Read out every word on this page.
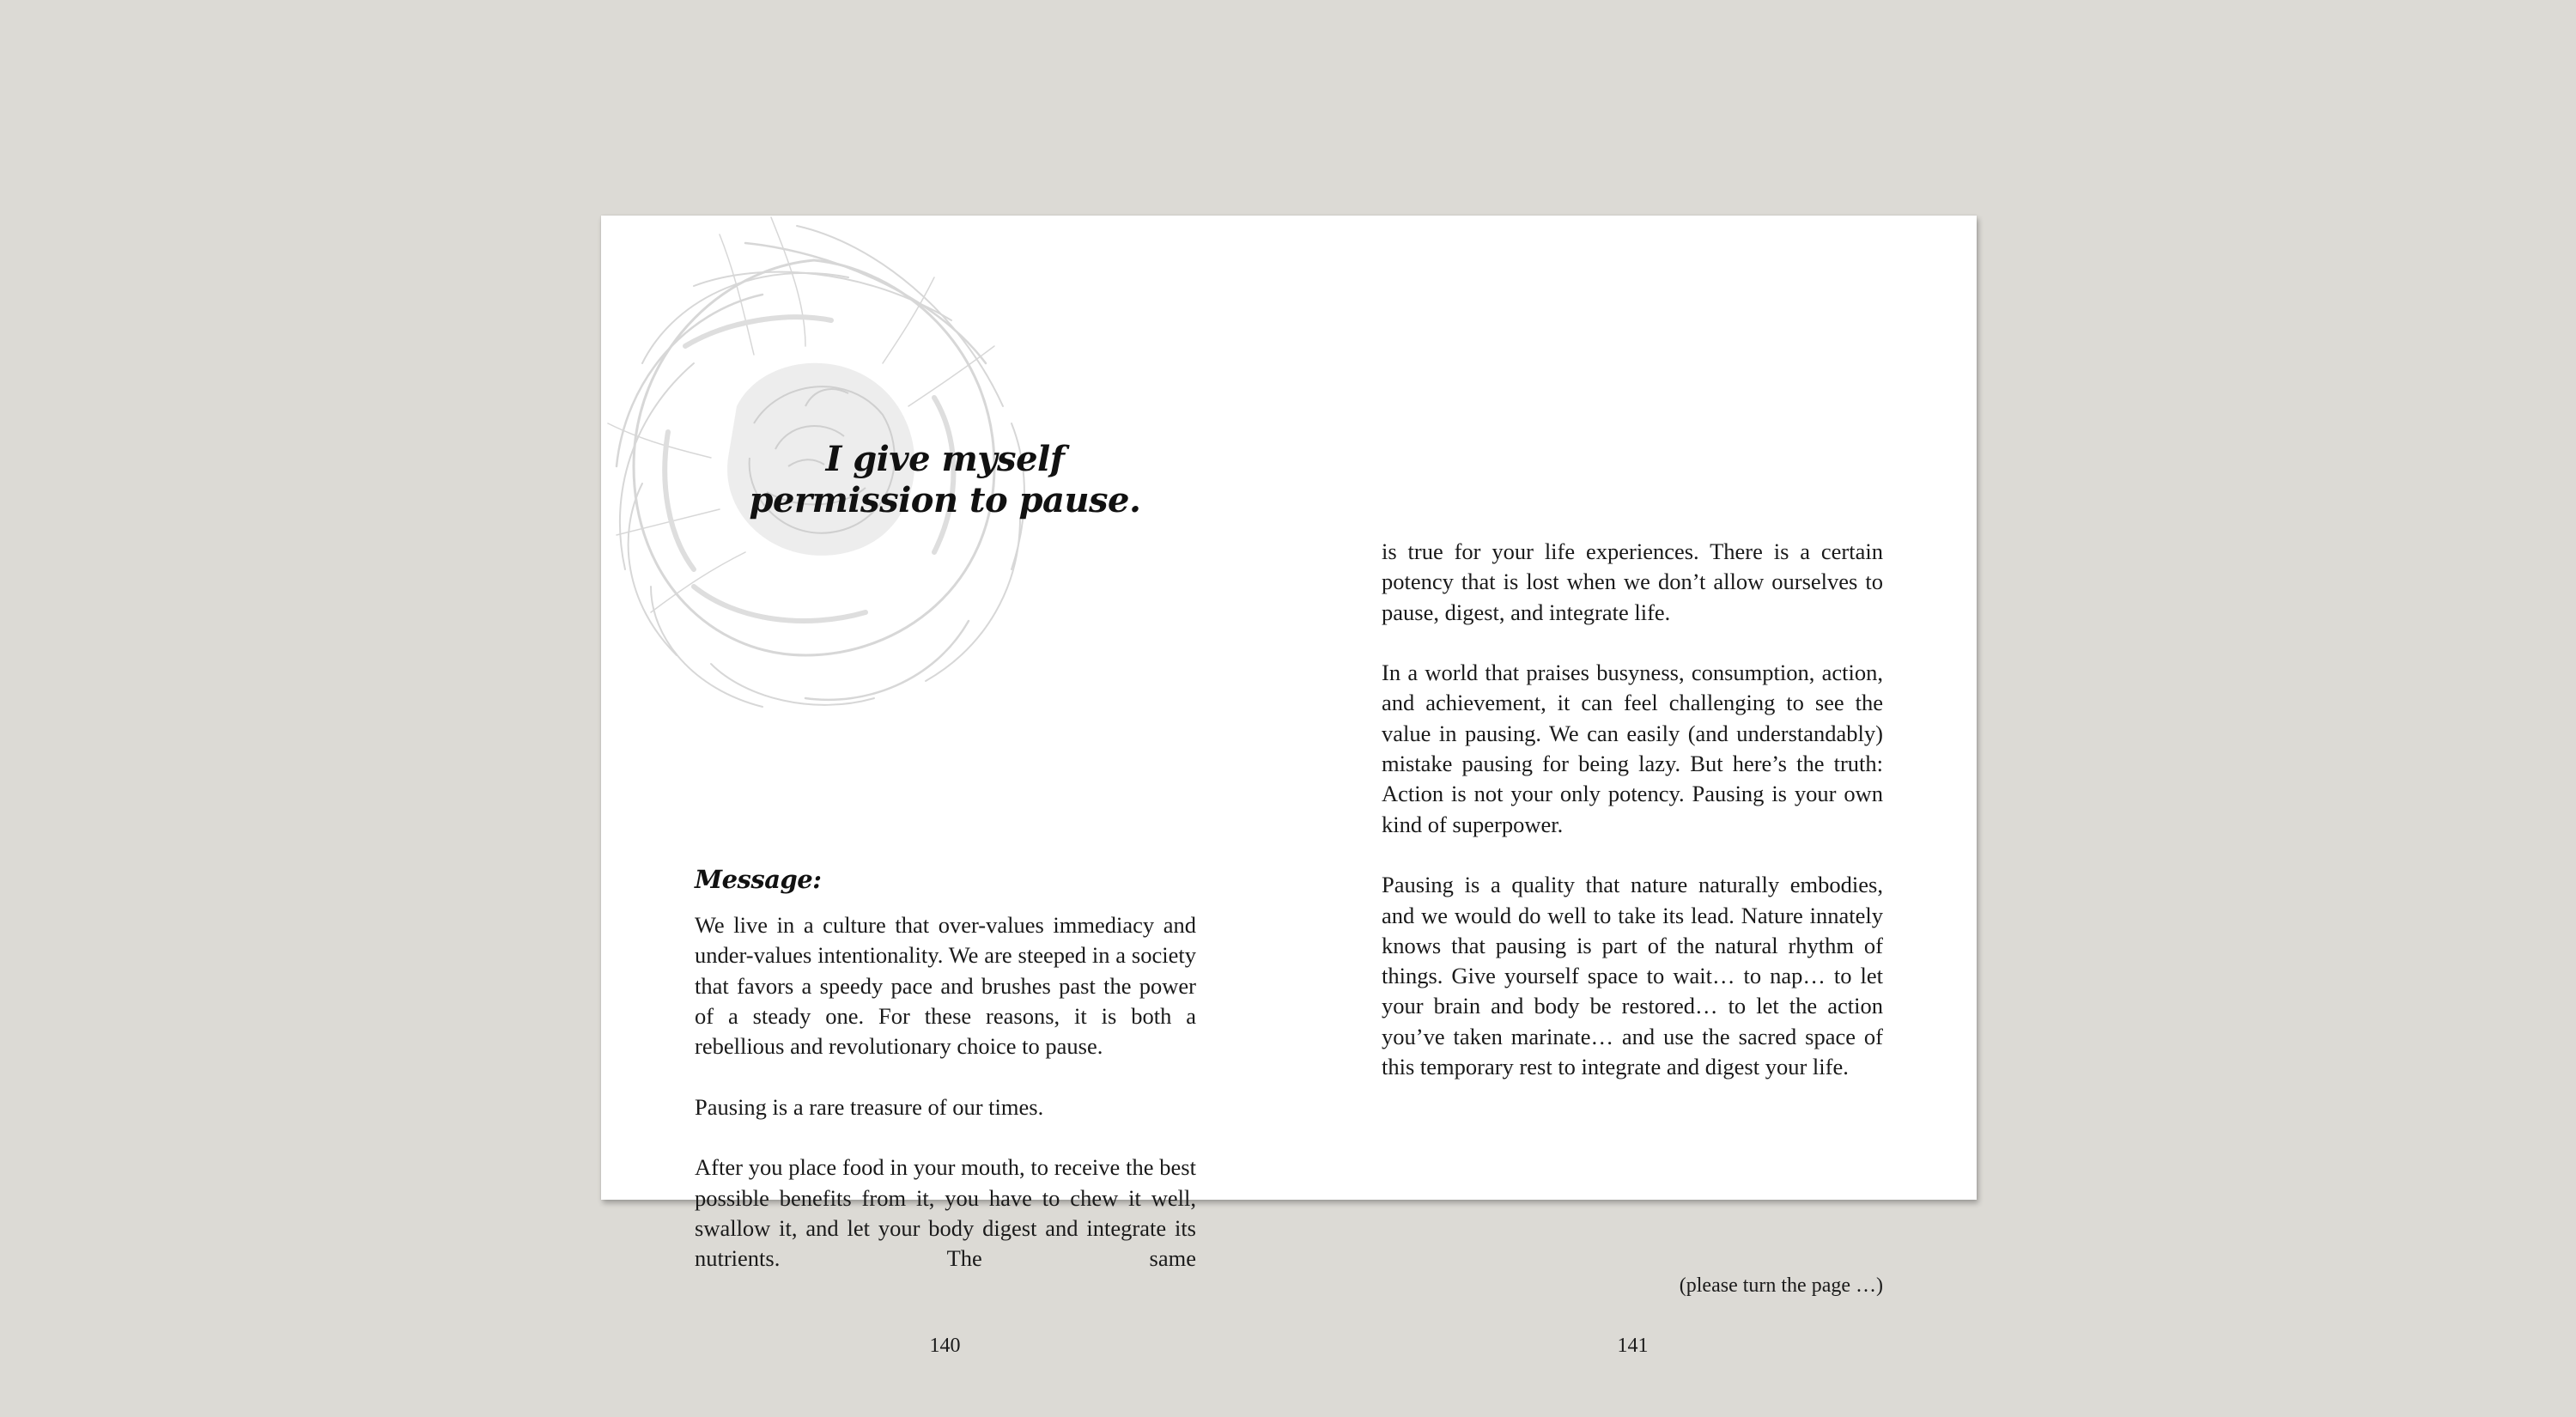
I give myself
permission to pause.
Message:

We live in a culture that over-values immediacy and under-values intentionality. We are steeped in a society that favors a speedy pace and brushes past the power of a steady one. For these reasons, it is both a rebellious and revolutionary choice to pause.

Pausing is a rare treasure of our times.

After you place food in your mouth, to receive the best possible benefits from it, you have to chew it well, swallow it, and let your body digest and integrate its nutrients. The same

140

is true for your life experiences. There is a certain potency that is lost when we don’t allow ourselves to pause, digest, and integrate life.

In a world that praises busyness, consumption, action, and achievement, it can feel challenging to see the value in pausing. We can easily (and understandably) mistake pausing for being lazy. But here’s the truth: Action is not your only potency. Pausing is your own kind of superpower.

Pausing is a quality that nature naturally embodies, and we would do well to take its lead. Nature innately knows that pausing is part of the natural rhythm of things. Give yourself space to wait… to nap… to let your brain and body be restored… to let the action you’ve taken marinate… and use the sacred space of this temporary rest to integrate and digest your life.

(please turn the page …)
141
